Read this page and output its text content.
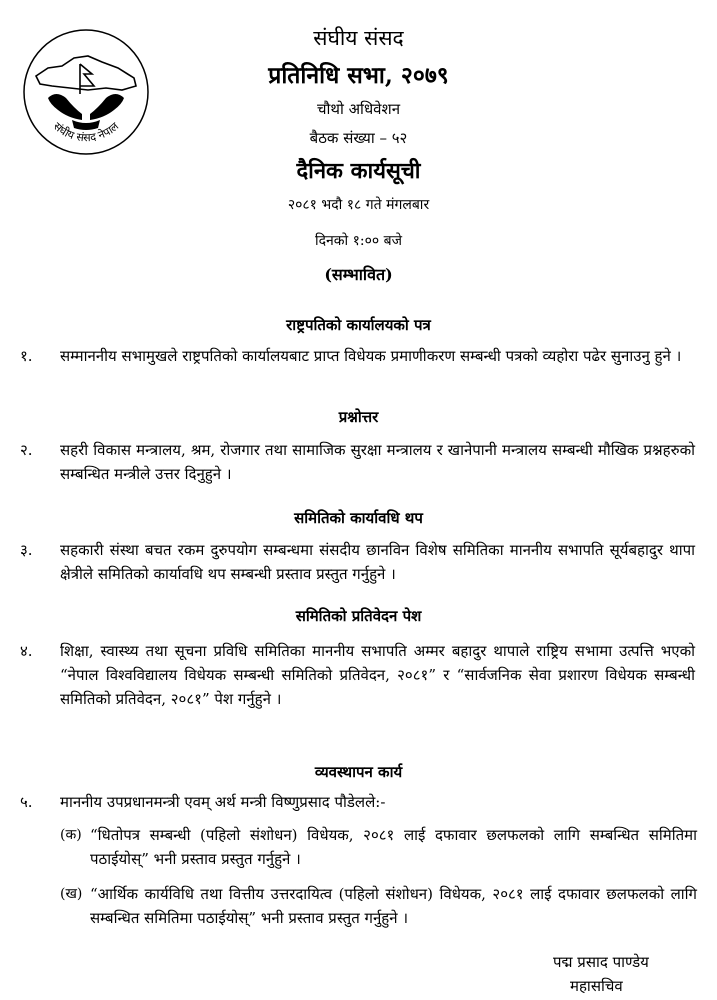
संघीय संसद नेपाल
संघीय संसद
प्रतिनिधि सभा, २०७९
चौथो अधिवेशन
बैठक संख्या – ५२
दैनिक कार्यसूची
२०८१ भदौ १८ गते मंगलबार
दिनको १:०० बजे
(सम्भावित)
राष्ट्रपतिको कार्यालयको पत्र
१. सम्माननीय सभामुखले राष्ट्रपतिको कार्यालयबाट प्राप्त विधेयक प्रमाणीकरण सम्बन्धी पत्रको व्यहोरा पढेर सुनाउनु हुने ।
प्रश्नोत्तर
२. सहरी विकास मन्त्रालय, श्रम, रोजगार तथा सामाजिक सुरक्षा मन्त्रालय र खानेपानी मन्त्रालय सम्बन्धी मौखिक प्रश्नहरुको सम्बन्धित मन्त्रीले उत्तर दिनुहुने ।
समितिको कार्यावधि थप
३. सहकारी संस्था बचत रकम दुरुपयोग सम्बन्धमा संसदीय छानविन विशेष समितिका माननीय सभापति सूर्यबहादुर थापा क्षेत्रीले समितिको कार्यावधि थप सम्बन्धी प्रस्ताव प्रस्तुत गर्नुहुने ।
समितिको प्रतिवेदन पेश
४. शिक्षा, स्वास्थ्य तथा सूचना प्रविधि समितिका माननीय सभापति अम्मर बहादुर थापाले राष्ट्रिय सभामा उत्पत्ति भएको “नेपाल विश्वविद्यालय विधेयक सम्बन्धी समितिको प्रतिवेदन, २०८१” र “सार्वजनिक सेवा प्रशारण विधेयक सम्बन्धी समितिको प्रतिवेदन, २०८१” पेश गर्नुहुने ।
व्यवस्थापन कार्य
५. माननीय उपप्रधानमन्त्री एवम् अर्थ मन्त्री विष्णुप्रसाद पौडेलले:-
(क) “धितोपत्र सम्बन्धी (पहिलो संशोधन) विधेयक, २०८१ लाई दफावार छलफलको लागि सम्बन्धित समितिमा पठाईयोस्” भनी प्रस्ताव प्रस्तुत गर्नुहुने ।
(ख) “आर्थिक कार्यविधि तथा वित्तीय उत्तरदायित्व (पहिलो संशोधन) विधेयक, २०८१ लाई दफावार छलफलको लागि सम्बन्धित समितिमा पठाईयोस्” भनी प्रस्ताव प्रस्तुत गर्नुहुने ।
पद्म प्रसाद पाण्डेय
महासचिव
